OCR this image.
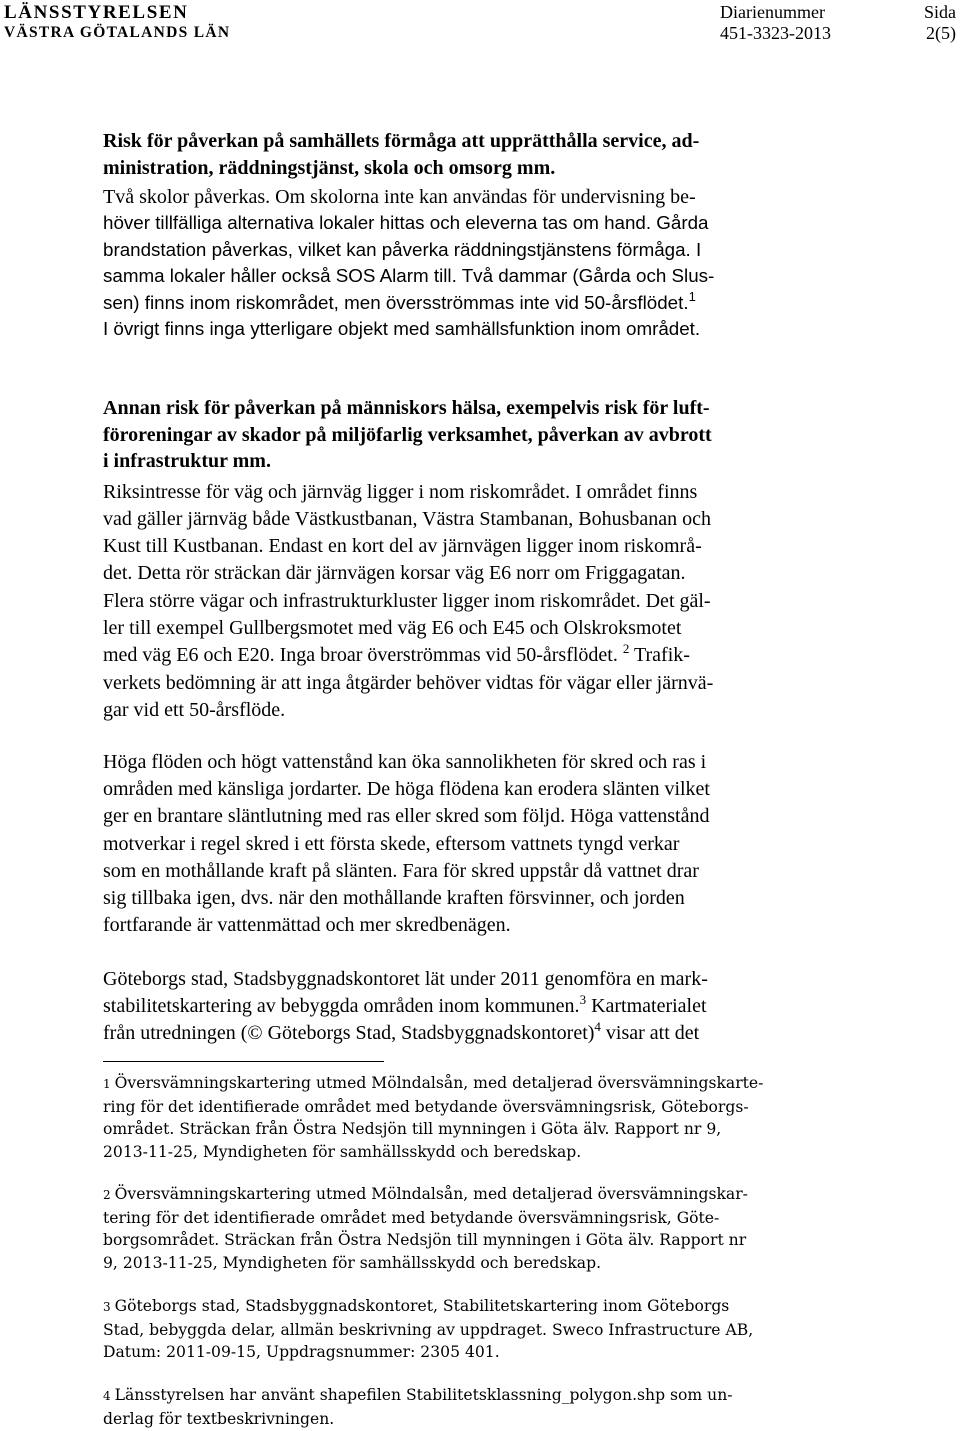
LÄNSSTYRELSEN
VÄSTRA GÖTALANDS LÄN
Diarienummer
451-3323-2013
Sida
2(5)
Risk för påverkan på samhällets förmåga att upprätthålla service, ad-
ministration, räddningstjänst, skola och omsorg mm.

Två skolor påverkas. Om skolorna inte kan användas för undervisning be-
höver tillfälliga alternativa lokaler hittas och eleverna tas om hand. Gårda
brandstation påverkas, vilket kan påverka räddningstjänstens förmåga. I
samma lokaler håller också SOS Alarm till. Två dammar (Gårda och Slus-
sen) finns inom riskområdet, men översströmmas inte vid 50-årsflödet.$^1$
I övrigt finns inga ytterligare objekt med samhällsfunktion inom området.

Annan risk för påverkan på människors hälsa, exempelvis risk för luft-
föroreningar av skador på miljöfarlig verksamhet, påverkan av avbrott
i infrastruktur mm.

Riksintresse för väg och järnväg ligger i nom riskområdet. I området finns
vad gäller järnväg både Västkustbanan, Västra Stambanan, Bohusbanan och
Kust till Kustbanan. Endast en kort del av järnvägen ligger inom riskområ-
det. Detta rör sträckan där järnvägen korsar väg E6 norr om Friggagatan.
Flera större vägar och infrastrukturkluster ligger inom riskområdet. Det gäl-
ler till exempel Gullbergsmotet med väg E6 och E45 och Olskroksmotet
med väg E6 och E20. Inga broar överströmmas vid 50-årsflödet. $^2$ Trafik-
verkets bedömning är att inga åtgärder behöver vidtas för vägar eller järnvä-
gar vid ett 50-årsflöde.

Höga flöden och högt vattenstånd kan öka sannolikheten för skred och ras i
områden med känsliga jordarter. De höga flödena kan erodera slänten vilket
ger en brantare släntlutning med ras eller skred som följd. Höga vattenstånd
motverkar i regel skred i ett första skede, eftersom vattnets tyngd verkar
som en mothållande kraft på slänten. Fara för skred uppstår då vattnet drar
sig tillbaka igen, dvs. när den mothållande kraften försvinner, och jorden
fortfarande är vattenmättad och mer skredbenägen.

Göteborgs stad, Stadsbyggnadskontoret lät under 2011 genomföra en mark-
stabilitetskartering av bebyggda områden inom kommunen.$^3$ Kartmaterialet
från utredningen (© Göteborgs Stad, Stadsbyggnadskontoret)$^4$ visar att det

1 Översvämningskartering utmed Mölndalsån, med detaljerad översvämningskarte-
ring för det identifierade området med betydande översvämningsrisk, Göteborgs-
området. Sträckan från Östra Nedsjön till mynningen i Göta älv. Rapport nr 9,
2013-11-25, Myndigheten för samhällsskydd och beredskap.
2 Översvämningskartering utmed Mölndalsån, med detaljerad översvämningskar-
tering för det identifierade området med betydande översvämningsrisk, Göte-
borgsområdet. Sträckan från Östra Nedsjön till mynningen i Göta älv. Rapport nr
9, 2013-11-25, Myndigheten för samhällsskydd och beredskap.
3 Göteborgs stad, Stadsbyggnadskontoret, Stabilitetskartering inom Göteborgs
Stad, bebyggda delar, allmän beskrivning av uppdraget. Sweco Infrastructure AB,
Datum: 2011-09-15, Uppdragsnummer: 2305 401.
4 Länsstyrelsen har använt shapefilen Stabilitetsklassning_polygon.shp som un-
derlag för textbeskrivningen.
